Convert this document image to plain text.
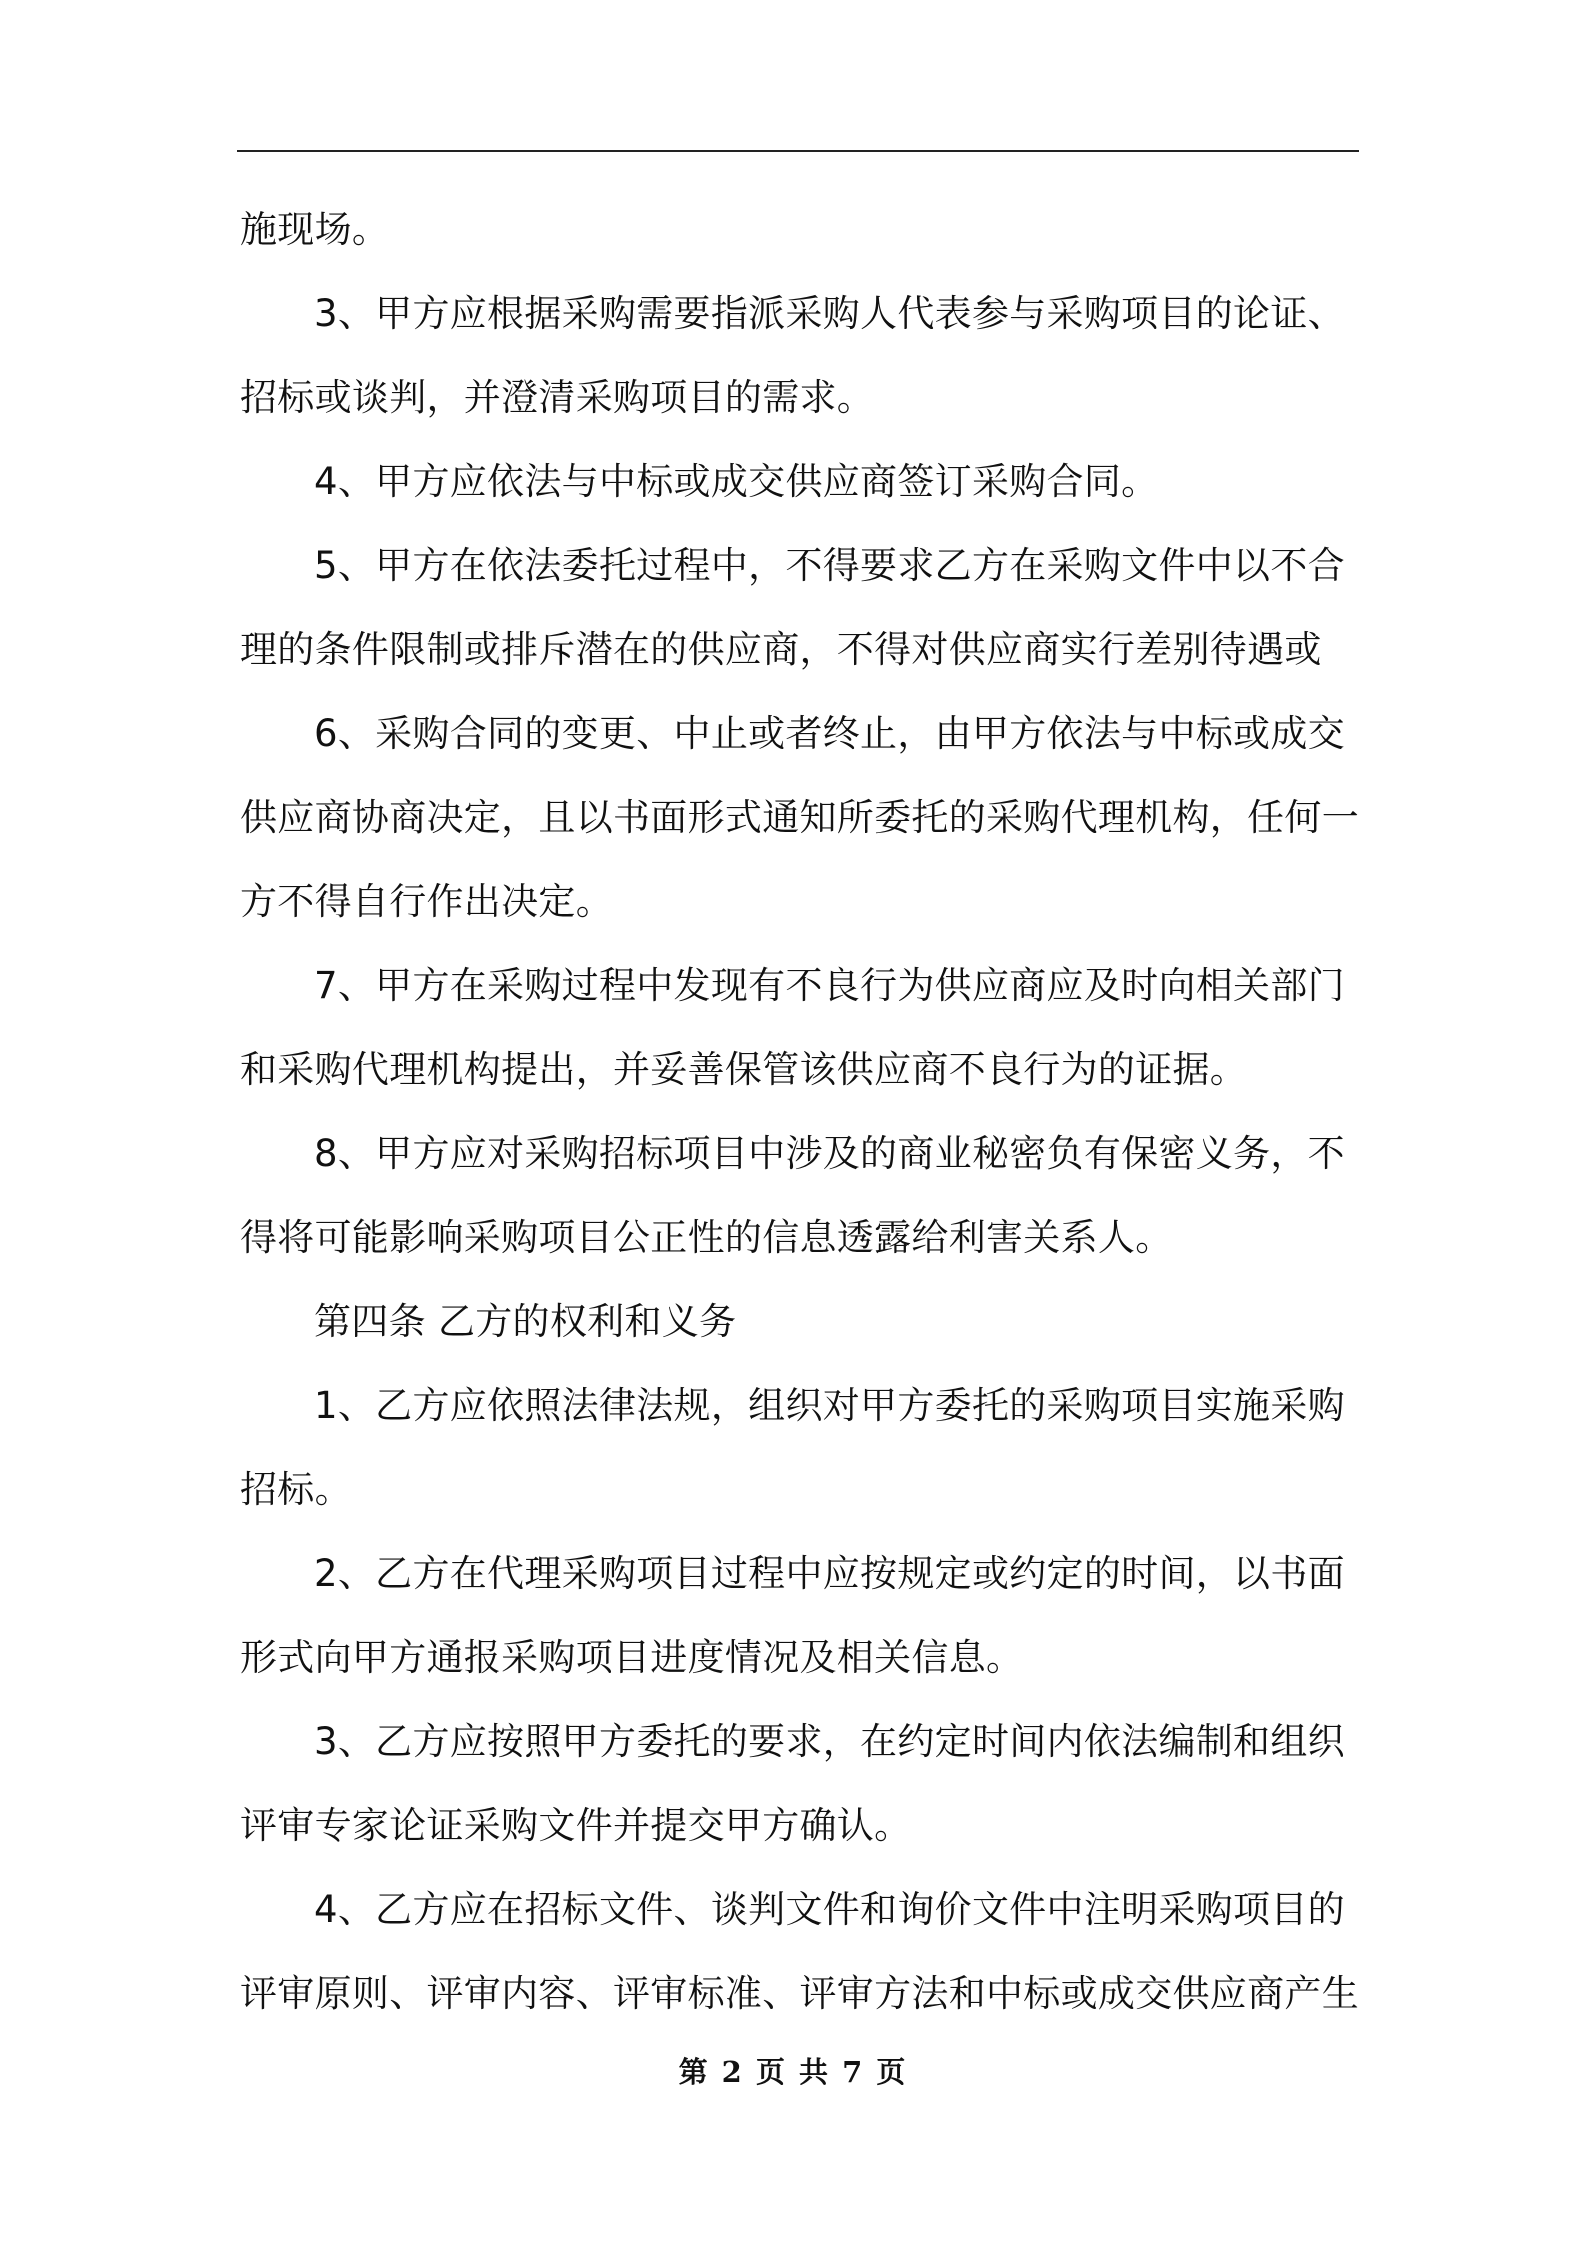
施现场。
3、甲方应根据采购需要指派采购人代表参与采购项目的论证、
招标或谈判，并澄清采购项目的需求。
4、甲方应依法与中标或成交供应商签订采购合同。
5、甲方在依法委托过程中，不得要求乙方在采购文件中以不合
理的条件限制或排斥潜在的供应商，不得对供应商实行差别待遇或
6、采购合同的变更、中止或者终止，由甲方依法与中标或成交
供应商协商决定，且以书面形式通知所委托的采购代理机构，任何一
方不得自行作出决定。
7、甲方在采购过程中发现有不良行为供应商应及时向相关部门
和采购代理机构提出，并妥善保管该供应商不良行为的证据。
8、甲方应对采购招标项目中涉及的商业秘密负有保密义务，不
得将可能影响采购项目公正性的信息透露给利害关系人。
第四条 乙方的权利和义务
1、乙方应依照法律法规，组织对甲方委托的采购项目实施采购
招标。
2、乙方在代理采购项目过程中应按规定或约定的时间，以书面
形式向甲方通报采购项目进度情况及相关信息。
3、乙方应按照甲方委托的要求，在约定时间内依法编制和组织
评审专家论证采购文件并提交甲方确认。
4、乙方应在招标文件、谈判文件和询价文件中注明采购项目的
评审原则、评审内容、评审标准、评审方法和中标或成交供应商产生
第 2 页 共 7 页
